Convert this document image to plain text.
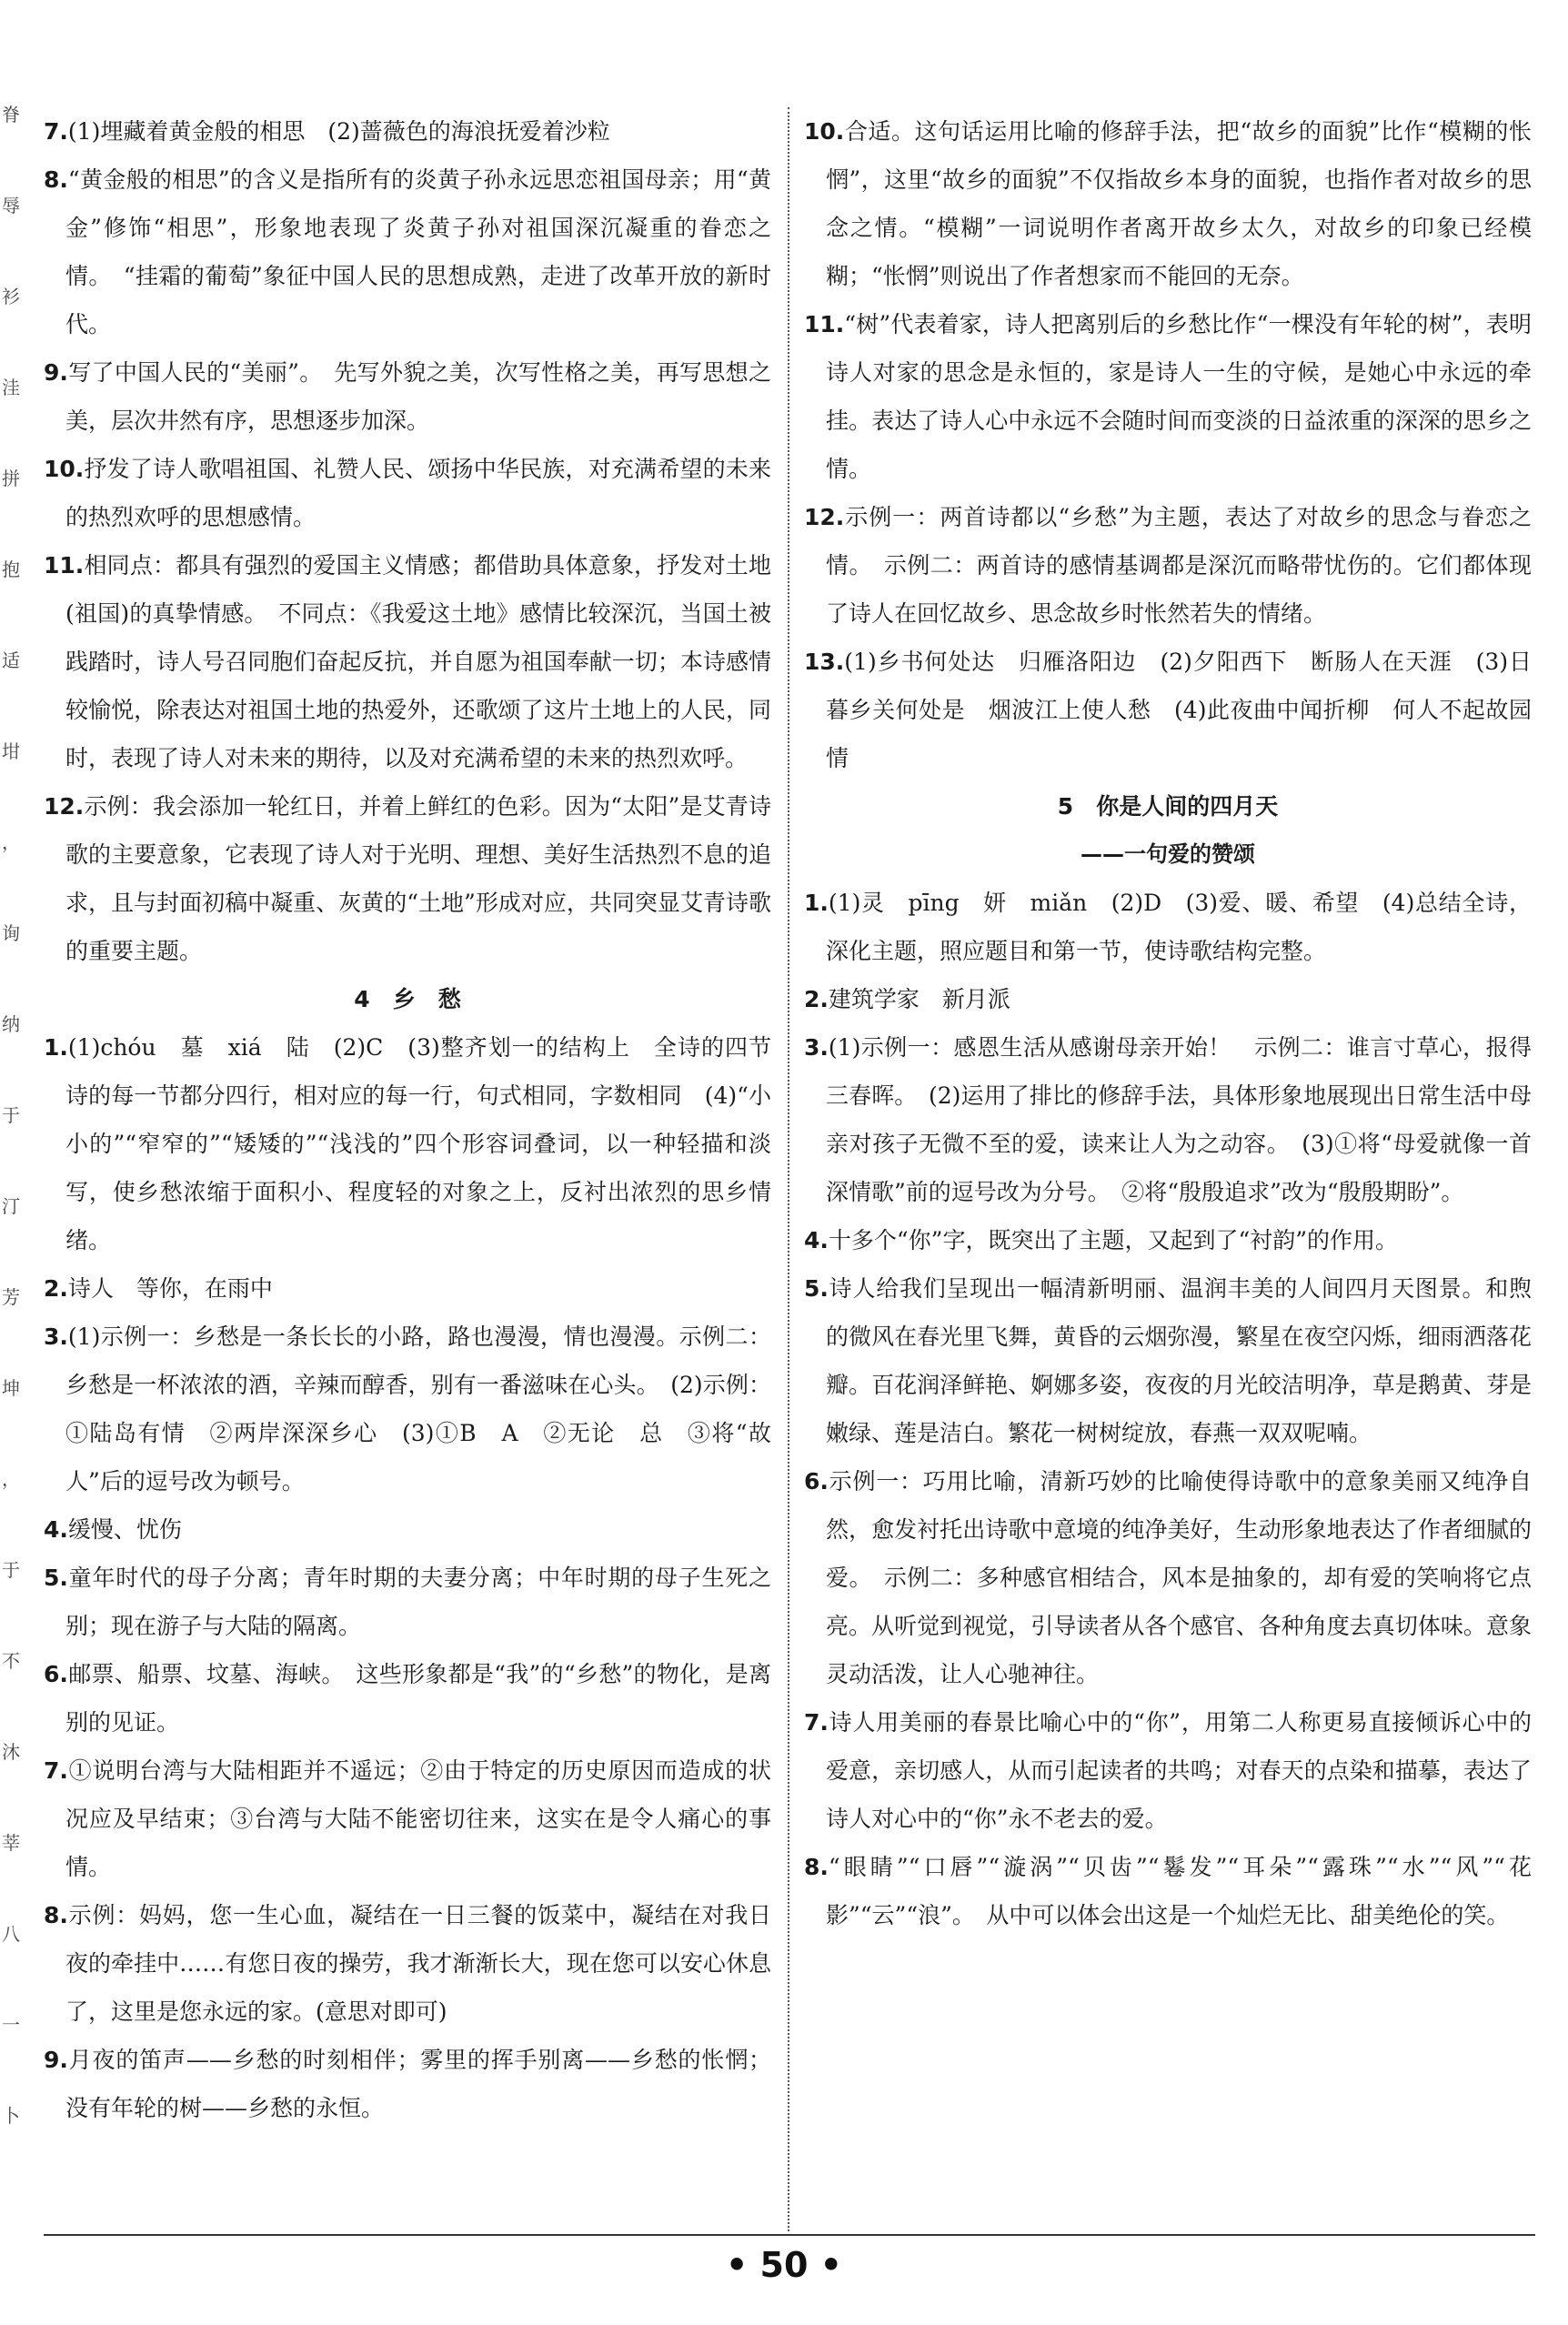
脊
辱
衫
洼
拼
抱
适
坩
，
询
纳
于
汀
芳
坤
，
于
不
沐
莘
八
一
卜
7.(1)埋藏着黄金般的相思　(2)蔷薇色的海浪抚爱着沙粒
8.“黄金般的相思”的含义是指所有的炎黄子孙永远思恋祖国母亲；用“黄金”修饰“相思”，形象地表现了炎黄子孙对祖国深沉凝重的眷恋之情。　“挂霜的葡萄”象征中国人民的思想成熟，走进了改革开放的新时代。
9.写了中国人民的“美丽”。　先写外貌之美，次写性格之美，再写思想之美，层次井然有序，思想逐步加深。
10.抒发了诗人歌唱祖国、礼赞人民、颂扬中华民族，对充满希望的未来的热烈欢呼的思想感情。
11.相同点：都具有强烈的爱国主义情感；都借助具体意象，抒发对土地(祖国)的真挚情感。　不同点：《我爱这土地》感情比较深沉，当国土被践踏时，诗人号召同胞们奋起反抗，并自愿为祖国奉献一切；本诗感情较愉悦，除表达对祖国土地的热爱外，还歌颂了这片土地上的人民，同时，表现了诗人对未来的期待，以及对充满希望的未来的热烈欢呼。
12.示例：我会添加一轮红日，并着上鲜红的色彩。因为“太阳”是艾青诗歌的主要意象，它表现了诗人对于光明、理想、美好生活热烈不息的追求，且与封面初稿中凝重、灰黄的“土地”形成对应，共同突显艾青诗歌的重要主题。
4　乡　愁
1.(1)chóu　墓　xiá　陆　(2)C　(3)整齐划一的结构上　全诗的四节诗的每一节都分四行，相对应的每一行，句式相同，字数相同　(4)“小小的”“窄窄的”“矮矮的”“浅浅的”四个形容词叠词，以一种轻描和淡写，使乡愁浓缩于面积小、程度轻的对象之上，反衬出浓烈的思乡情绪。
2.诗人　等你，在雨中
3.(1)示例一：乡愁是一条长长的小路，路也漫漫，情也漫漫。示例二：乡愁是一杯浓浓的酒，辛辣而醇香，别有一番滋味在心头。　(2)示例：①陆岛有情　②两岸深深乡心　(3)①B　A　②无论　总　③将“故人”后的逗号改为顿号。
4.缓慢、忧伤
5.童年时代的母子分离；青年时期的夫妻分离；中年时期的母子生死之别；现在游子与大陆的隔离。
6.邮票、船票、坟墓、海峡。　这些形象都是“我”的“乡愁”的物化，是离别的见证。
7.①说明台湾与大陆相距并不遥远；②由于特定的历史原因而造成的状况应及早结束；③台湾与大陆不能密切往来，这实在是令人痛心的事情。
8.示例：妈妈，您一生心血，凝结在一日三餐的饭菜中，凝结在对我日夜的牵挂中……有您日夜的操劳，我才渐渐长大，现在您可以安心休息了，这里是您永远的家。(意思对即可)
9.月夜的笛声——乡愁的时刻相伴；雾里的挥手别离——乡愁的怅惘；没有年轮的树——乡愁的永恒。
10.合适。这句话运用比喻的修辞手法，把“故乡的面貌”比作“模糊的怅惘”，这里“故乡的面貌”不仅指故乡本身的面貌，也指作者对故乡的思念之情。“模糊”一词说明作者离开故乡太久，对故乡的印象已经模糊；“怅惘”则说出了作者想家而不能回的无奈。
11.“树”代表着家，诗人把离别后的乡愁比作“一棵没有年轮的树”，表明诗人对家的思念是永恒的，家是诗人一生的守候，是她心中永远的牵挂。表达了诗人心中永远不会随时间而变淡的日益浓重的深深的思乡之情。
12.示例一：两首诗都以“乡愁”为主题，表达了对故乡的思念与眷恋之情。　示例二：两首诗的感情基调都是深沉而略带忧伤的。它们都体现了诗人在回忆故乡、思念故乡时怅然若失的情绪。
13.(1)乡书何处达　归雁洛阳边　(2)夕阳西下　断肠人在天涯　(3)日暮乡关何处是　烟波江上使人愁　(4)此夜曲中闻折柳　何人不起故园情
5　你是人间的四月天
——一句爱的赞颂
1.(1)灵　pīng　妍　miǎn　(2)D　(3)爱、暖、希望　(4)总结全诗，深化主题，照应题目和第一节，使诗歌结构完整。
2.建筑学家　新月派
3.(1)示例一：感恩生活从感谢母亲开始！　示例二：谁言寸草心，报得三春晖。　(2)运用了排比的修辞手法，具体形象地展现出日常生活中母亲对孩子无微不至的爱，读来让人为之动容。　(3)①将“母爱就像一首深情歌”前的逗号改为分号。　②将“殷殷追求”改为“殷殷期盼”。
4.十多个“你”字，既突出了主题，又起到了“衬韵”的作用。
5.诗人给我们呈现出一幅清新明丽、温润丰美的人间四月天图景。和煦的微风在春光里飞舞，黄昏的云烟弥漫，繁星在夜空闪烁，细雨洒落花瓣。百花润泽鲜艳、婀娜多姿，夜夜的月光皎洁明净，草是鹅黄、芽是嫩绿、莲是洁白。繁花一树树绽放，春燕一双双呢喃。
6.示例一：巧用比喻，清新巧妙的比喻使得诗歌中的意象美丽又纯净自然，愈发衬托出诗歌中意境的纯净美好，生动形象地表达了作者细腻的爱。　示例二：多种感官相结合，风本是抽象的，却有爱的笑响将它点亮。从听觉到视觉，引导读者从各个感官、各种角度去真切体味。意象灵动活泼，让人心驰神往。
7.诗人用美丽的春景比喻心中的“你”，用第二人称更易直接倾诉心中的爱意，亲切感人，从而引起读者的共鸣；对春天的点染和描摹，表达了诗人对心中的“你”永不老去的爱。
8.“眼睛”“口唇”“漩涡”“贝齿”“鬈发”“耳朵”“露珠”“水”“风”“花影”“云”“浪”。　从中可以体会出这是一个灿烂无比、甜美绝伦的笑。
• 50 •
